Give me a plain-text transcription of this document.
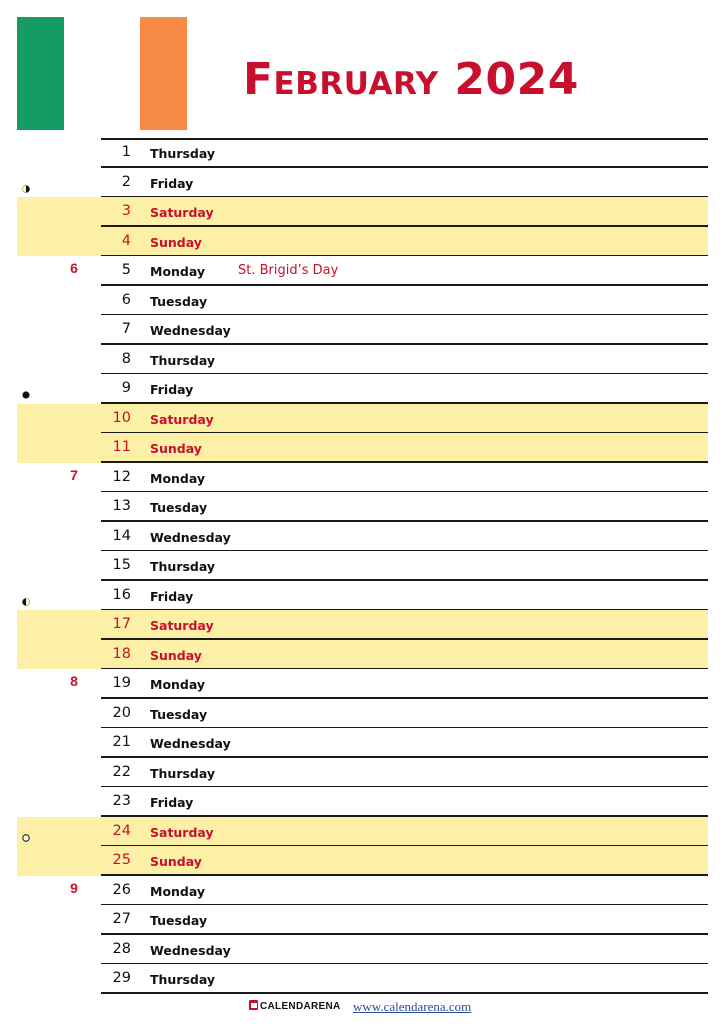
February 2024
1 Thursday
2 Friday
3 Saturday
4 Sunday
6	5 Monday	St. Brigid’s Day
6 Tuesday
7 Wednesday
8 Thursday
9 Friday
10 Saturday
11 Sunday
7	12 Monday
13 Tuesday
14 Wednesday
15 Thursday
16 Friday
17 Saturday
18 Sunday
8	19 Monday
20 Tuesday
21 Wednesday
22 Thursday
23 Friday
24 Saturday
25 Sunday
9	26 Monday
27 Tuesday
28 Wednesday
29 Thursday
CALENDARENA www.calendarena.com
